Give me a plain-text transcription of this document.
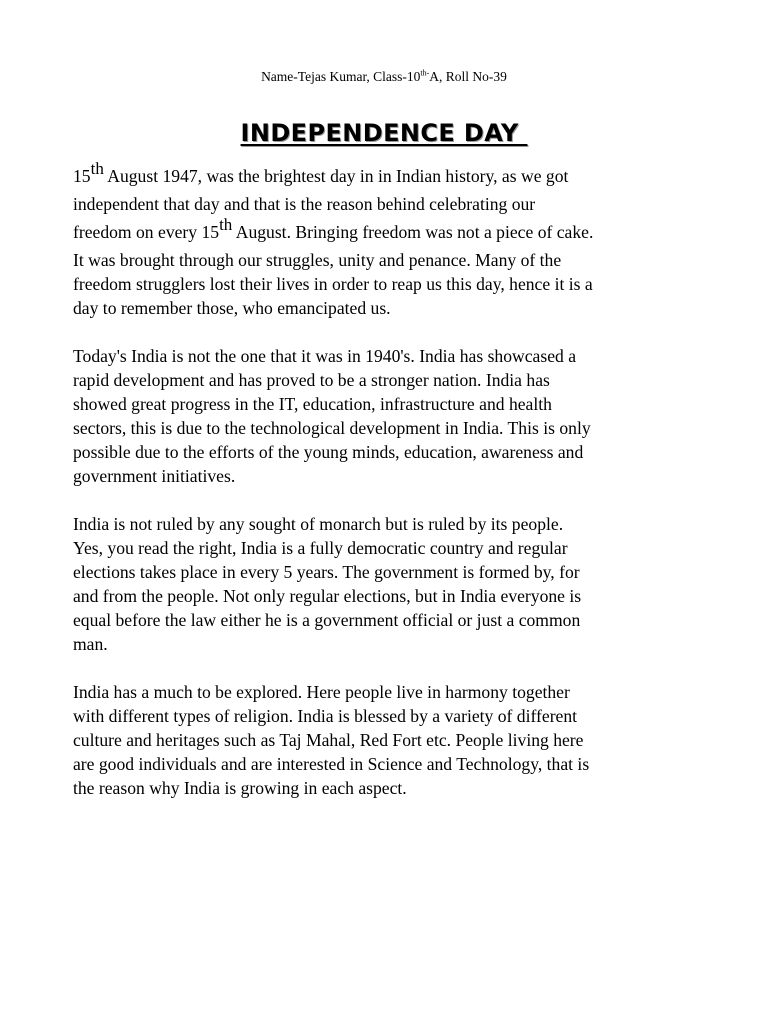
Name-Tejas Kumar, Class-$10^{th-}A$, Roll No-39
INDEPENDENCE DAY

15th August 1947, was the brightest day in in Indian history, as we got
independent that day and that is the reason behind celebrating our
freedom on every 15th August. Bringing freedom was not a piece of cake.
It was brought through our struggles, unity and penance. Many of the
freedom strugglers lost their lives in order to reap us this day, hence it is a
day to remember those, who emancipated us.

Today's India is not the one that it was in 1940's. India has showcased a
rapid development and has proved to be a stronger nation. India has
showed great progress in the IT, education, infrastructure and health
sectors, this is due to the technological development in India. This is only
possible due to the efforts of the young minds, education, awareness and
government initiatives.

India is not ruled by any sought of monarch but is ruled by its people.
Yes, you read the right, India is a fully democratic country and regular
elections takes place in every 5 years. The government is formed by, for
and from the people. Not only regular elections, but in India everyone is
equal before the law either he is a government official or just a common
man.

India has a much to be explored. Here people live in harmony together
with different types of religion. India is blessed by a variety of different
culture and heritages such as Taj Mahal, Red Fort etc. People living here
are good individuals and are interested in Science and Technology, that is
the reason why India is growing in each aspect.
